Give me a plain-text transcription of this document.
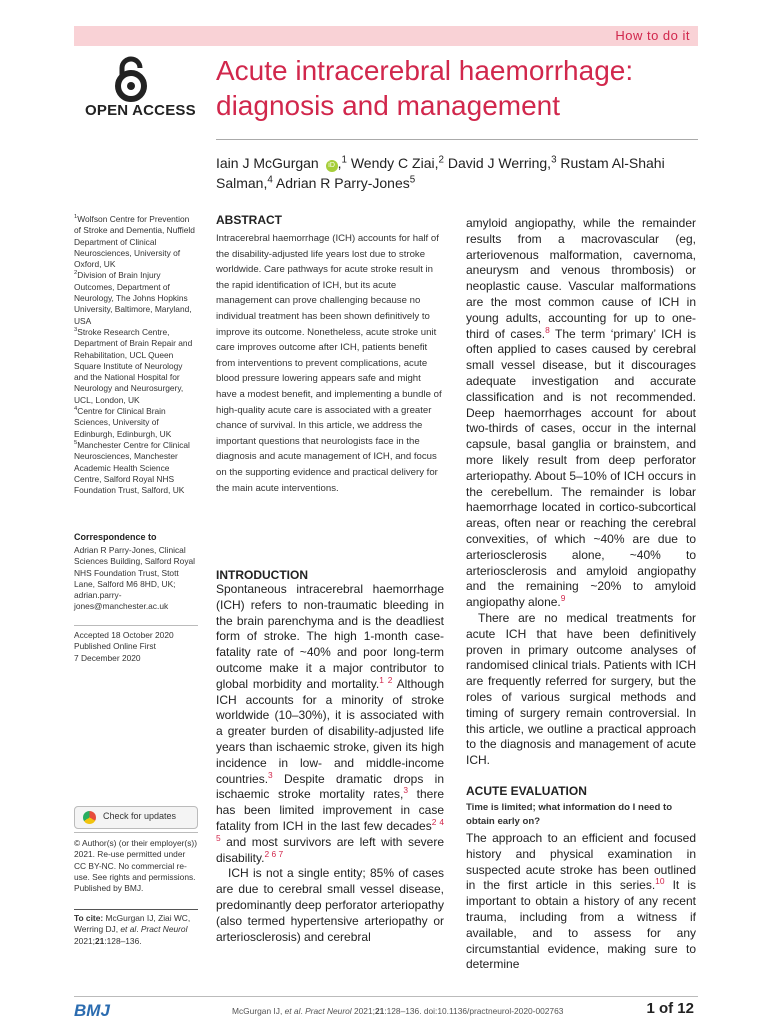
How to do it
OPEN ACCESS
Acute intracerebral haemorrhage: diagnosis and management
Iain J McGurgan iD ,$^1$ Wendy C Ziai,$^2$ David J Werring,$^3$ Rustam Al-Shahi Salman,$^4$ Adrian R Parry-Jones$^5$
$^1$Wolfson Centre for Prevention of Stroke and Dementia, Nuffield Department of Clinical Neurosciences, University of Oxford, UK
$^2$Division of Brain Injury Outcomes, Department of Neurology, The Johns Hopkins University, Baltimore, Maryland, USA
$^3$Stroke Research Centre, Department of Brain Repair and Rehabilitation, UCL Queen Square Institute of Neurology and the National Hospital for Neurology and Neurosurgery, UCL, London, UK
$^4$Centre for Clinical Brain Sciences, University of Edinburgh, Edinburgh, UK
$^5$Manchester Centre for Clinical Neurosciences, Manchester Academic Health Science Centre, Salford Royal NHS Foundation Trust, Salford, UK
Correspondence to
Adrian R Parry-Jones, Clinical Sciences Building, Salford Royal NHS Foundation Trust, Stott Lane, Salford M6 8HD, UK; adrian.parry-jones@manchester.ac.uk
Accepted 18 October 2020
Published Online First
7 December 2020
Check for updates
© Author(s) (or their employer(s)) 2021. Re-use permitted under CC BY-NC. No commercial re-use. See rights and permissions. Published by BMJ.
To cite: McGurgan IJ, Ziai WC, Werring DJ, et al. Pract Neurol 2021;21:128–136.
ABSTRACT
Intracerebral haemorrhage (ICH) accounts for half of the disability-adjusted life years lost due to stroke worldwide. Care pathways for acute stroke result in the rapid identification of ICH, but its acute management can prove challenging because no individual treatment has been shown definitively to improve its outcome. Nonetheless, acute stroke unit care improves outcome after ICH, patients benefit from interventions to prevent complications, acute blood pressure lowering appears safe and might have a modest benefit, and implementing a bundle of high-quality acute care is associated with a greater chance of survival. In this article, we address the important questions that neurologists face in the diagnosis and acute management of ICH, and focus on the supporting evidence and practical delivery for the main acute interventions.
INTRODUCTION

Spontaneous intracerebral haemorrhage (ICH) refers to non-traumatic bleeding in the brain parenchyma and is the deadliest form of stroke. The high 1-month case-fatality rate of ~40% and poor long-term outcome make it a major contributor to global morbidity and mortality.$^{1 2}$ Although ICH accounts for a minority of stroke worldwide (10–30%), it is associated with a greater burden of disability-adjusted life years than ischaemic stroke, given its high incidence in low- and middle-income countries.$^3$ Despite dramatic drops in ischaemic stroke mortality rates,$^3$ there has been limited improvement in case fatality from ICH in the last few decades$^{2 4 5}$ and most survivors are left with severe disability.$^{2 6 7}$

ICH is not a single entity; 85% of cases are due to cerebral small vessel disease, predominantly deep perforator arteriopathy (also termed hypertensive arteriopathy or arteriosclerosis) and cerebral

amyloid angiopathy, while the remainder results from a macrovascular (eg, arteriovenous malformation, cavernoma, aneurysm and venous thrombosis) or neoplastic cause. Vascular malformations are the most common cause of ICH in young adults, accounting for up to one-third of cases.$^8$ The term ‘primary’ ICH is often applied to cases caused by cerebral small vessel disease, but it discourages adequate investigation and accurate classification and is not recommended. Deep haemorrhages account for about two-thirds of cases, occur in the internal capsule, basal ganglia or brainstem, and more likely result from deep perforator arteriopathy. About 5–10% of ICH occurs in the cerebellum. The remainder is lobar haemorrhage located in cortico-subcortical areas, often near or reaching the cerebral convexities, of which ~40% are due to arteriosclerosis alone, ~40% to arteriosclerosis and amyloid angiopathy and the remaining ~20% to amyloid angiopathy alone.$^9$

There are no medical treatments for acute ICH that have been definitively proven in primary outcome analyses of randomised clinical trials. Patients with ICH are frequently referred for surgery, but the roles of various surgical methods and timing of surgery remain controversial. In this article, we outline a practical approach to the diagnosis and management of acute ICH.

ACUTE EVALUATION
Time is limited; what information do I need to obtain early on?

The approach to an efficient and focused history and physical examination in suspected acute stroke has been outlined in the first article in this series.$^{10}$ It is important to obtain a history of any recent trauma, including from a witness if available, and to assess for any circumstantial evidence, making sure to determine

BMJ	McGurgan IJ, et al. Pract Neurol 2021;21:128–136. doi:10.1136/practneurol-2020-002763	1 of 12
